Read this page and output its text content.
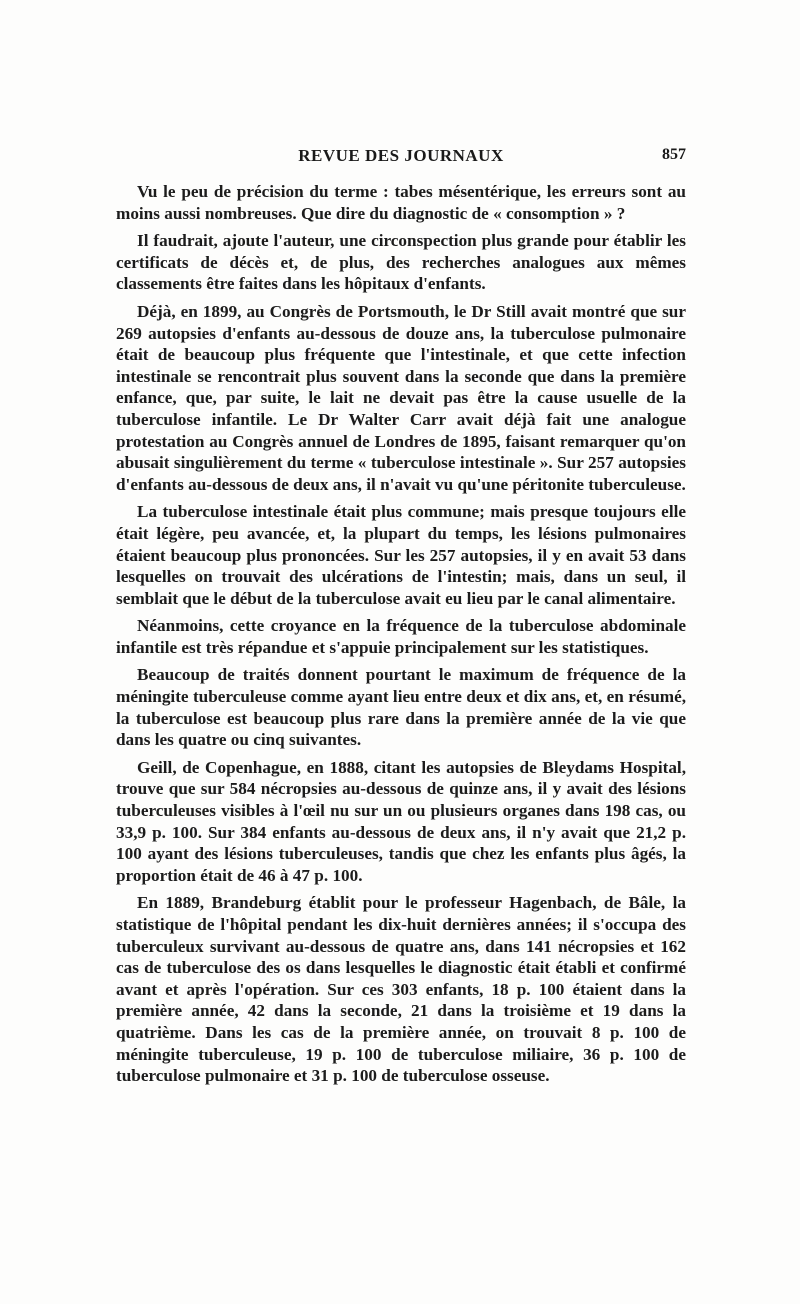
REVUE DES JOURNAUX	857

Vu le peu de précision du terme : tabes mésentérique, les erreurs sont au moins aussi nombreuses. Que dire du diagnostic de « consomption » ?

Il faudrait, ajoute l'auteur, une circonspection plus grande pour établir les certificats de décès et, de plus, des recherches analogues aux mêmes classements être faites dans les hôpitaux d'enfants.

Déjà, en 1899, au Congrès de Portsmouth, le Dr Still avait montré que sur 269 autopsies d'enfants au-dessous de douze ans, la tuberculose pulmonaire était de beaucoup plus fréquente que l'intestinale, et que cette infection intestinale se rencontrait plus souvent dans la seconde que dans la première enfance, que, par suite, le lait ne devait pas être la cause usuelle de la tuberculose infantile. Le Dr Walter Carr avait déjà fait une analogue protestation au Congrès annuel de Londres de 1895, faisant remarquer qu'on abusait singulièrement du terme « tuberculose intestinale ». Sur 257 autopsies d'enfants au-dessous de deux ans, il n'avait vu qu'une péritonite tuberculeuse.

La tuberculose intestinale était plus commune; mais presque toujours elle était légère, peu avancée, et, la plupart du temps, les lésions pulmonaires étaient beaucoup plus prononcées. Sur les 257 autopsies, il y en avait 53 dans lesquelles on trouvait des ulcérations de l'intestin; mais, dans un seul, il semblait que le début de la tuberculose avait eu lieu par le canal alimentaire.

Néanmoins, cette croyance en la fréquence de la tuberculose abdominale infantile est très répandue et s'appuie principalement sur les statistiques.

Beaucoup de traités donnent pourtant le maximum de fréquence de la méningite tuberculeuse comme ayant lieu entre deux et dix ans, et, en résumé, la tuberculose est beaucoup plus rare dans la première année de la vie que dans les quatre ou cinq suivantes.

Geill, de Copenhague, en 1888, citant les autopsies de Bleydams Hospital, trouve que sur 584 nécropsies au-dessous de quinze ans, il y avait des lésions tuberculeuses visibles à l'œil nu sur un ou plusieurs organes dans 198 cas, ou 33,9 p. 100. Sur 384 enfants au-dessous de deux ans, il n'y avait que 21,2 p. 100 ayant des lésions tuberculeuses, tandis que chez les enfants plus âgés, la proportion était de 46 à 47 p. 100.

En 1889, Brandeburg établit pour le professeur Hagenbach, de Bâle, la statistique de l'hôpital pendant les dix-huit dernières années; il s'occupa des tuberculeux survivant au-dessous de quatre ans, dans 141 nécropsies et 162 cas de tuberculose des os dans lesquelles le diagnostic était établi et confirmé avant et après l'opération. Sur ces 303 enfants, 18 p. 100 étaient dans la première année, 42 dans la seconde, 21 dans la troisième et 19 dans la quatrième. Dans les cas de la première année, on trouvait 8 p. 100 de méningite tuberculeuse, 19 p. 100 de tuberculose miliaire, 36 p. 100 de tuberculose pulmonaire et 31 p. 100 de tuberculose osseuse.
